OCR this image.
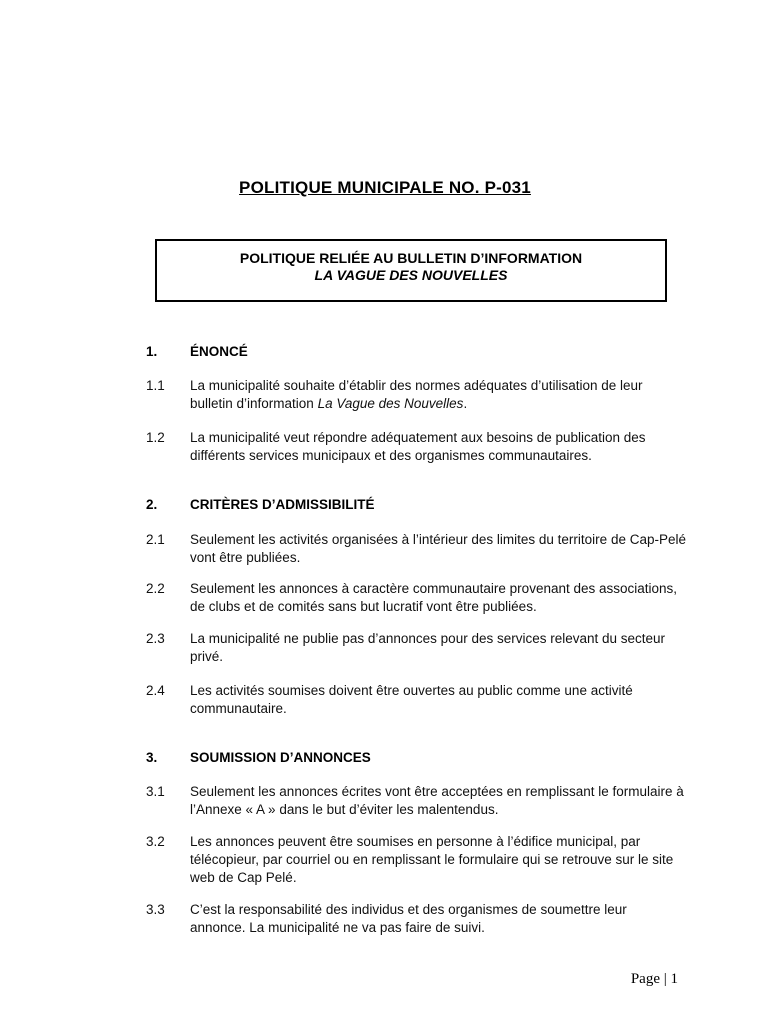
POLITIQUE MUNICIPALE NO. P-031
POLITIQUE RELIÉE AU BULLETIN D’INFORMATION
LA VAGUE DES NOUVELLES
1. ÉNONCÉ
1.1 La municipalité souhaite d’établir des normes adéquates d’utilisation de leur bulletin d’information La Vague des Nouvelles.
1.2 La municipalité veut répondre adéquatement aux besoins de publication des différents services municipaux et des organismes communautaires.
2. CRITÈRES D’ADMISSIBILITÉ
2.1 Seulement les activités organisées à l’intérieur des limites du territoire de Cap-Pelé vont être publiées.
2.2 Seulement les annonces à caractère communautaire provenant des associations, de clubs et de comités sans but lucratif vont être publiées.
2.3 La municipalité ne publie pas d’annonces pour des services relevant du secteur privé.
2.4 Les activités soumises doivent être ouvertes au public comme une activité communautaire.
3. SOUMISSION D’ANNONCES
3.1 Seulement les annonces écrites vont être acceptées en remplissant le formulaire à l’Annexe « A » dans le but d’éviter les malentendus.
3.2 Les annonces peuvent être soumises en personne à l’édifice municipal, par télécopieur, par courriel ou en remplissant le formulaire qui se retrouve sur le site web de Cap Pelé.
3.3 C’est la responsabilité des individus et des organismes de soumettre leur annonce. La municipalité ne va pas faire de suivi.
Page | 1
